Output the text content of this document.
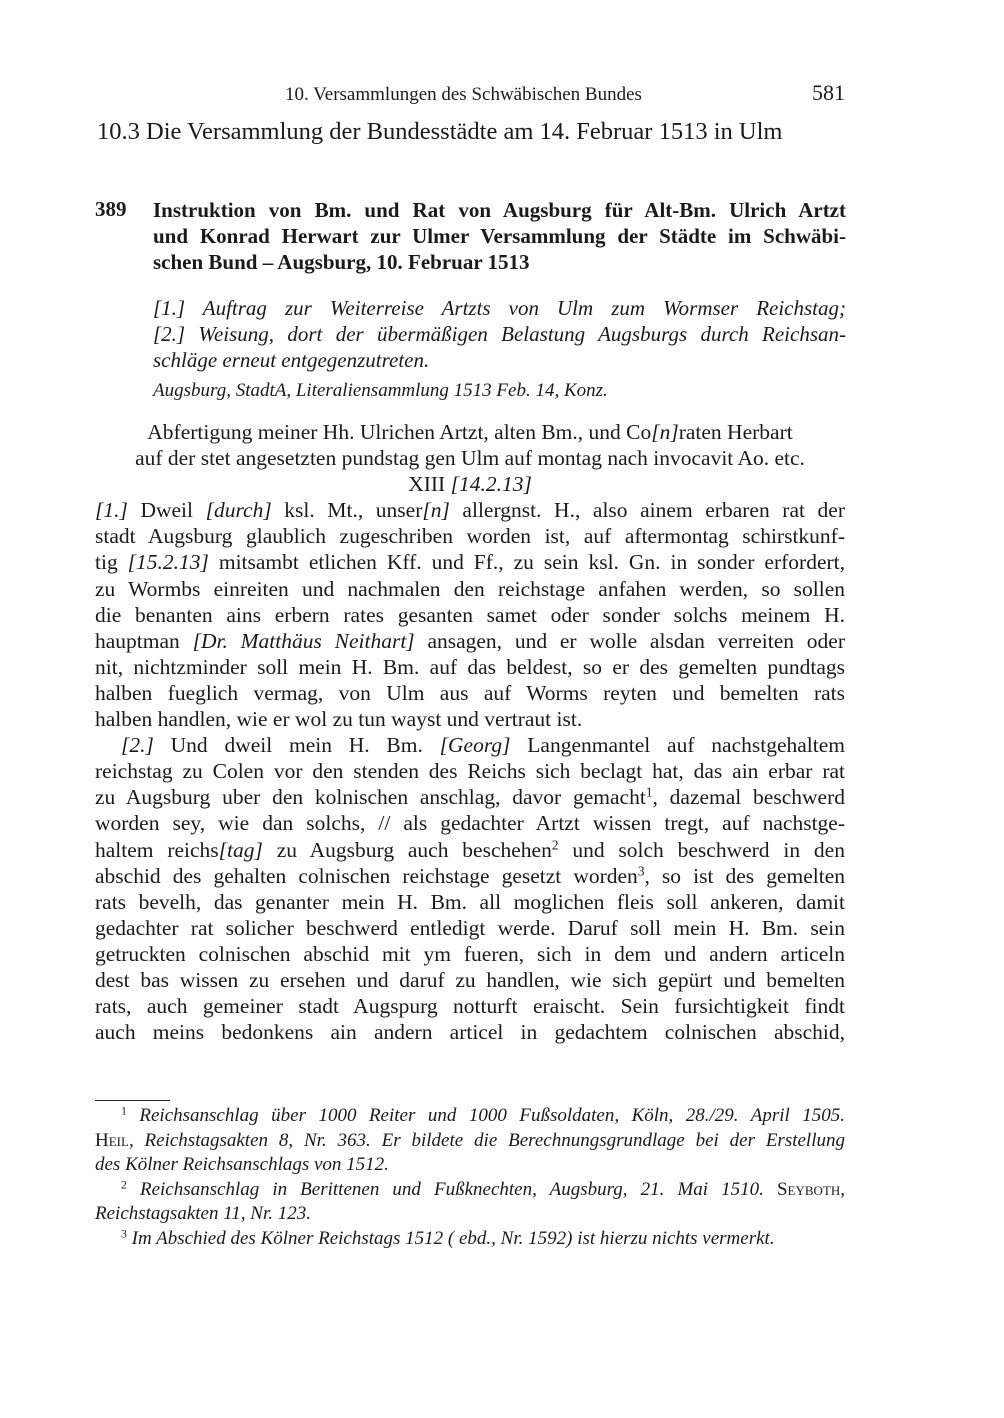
10. Versammlungen des Schwäbischen Bundes	581
10.3 Die Versammlung der Bundesstädte am 14. Februar 1513 in Ulm
389 Instruktion von Bm. und Rat von Augsburg für Alt-Bm. Ulrich Artzt
und Konrad Herwart zur Ulmer Versammlung der Städte im Schwäbi-
schen Bund – Augsburg, 10. Februar 1513
[1.] Auftrag zur Weiterreise Artzts von Ulm zum Wormser Reichstag;
[2.] Weisung, dort der übermäßigen Belastung Augsburgs durch Reichsan-
schläge erneut entgegenzutreten.
Augsburg, StadtA, Literaliensammlung 1513 Feb. 14, Konz.
Abfertigung meiner Hh. Ulrichen Artzt, alten Bm., und Co[n]raten Herbart
auf der stet angesetzten pundstag gen Ulm auf montag nach invocavit Ao. etc.
XIII [14.2.13]
[1.] Dweil [durch] ksl. Mt., unser[n] allergnst. H., also ainem erbaren rat der
stadt Augsburg glaublich zugeschriben worden ist, auf aftermontag schirstkunf-
tig [15.2.13] mitsambt etlichen Kff. und Ff., zu sein ksl. Gn. in sonder erfordert,
zu Wormbs einreiten und nachmalen den reichstage anfahen werden, so sollen
die benanten ains erbern rates gesanten samet oder sonder solchs meinem H.
hauptman [Dr. Matthäus Neithart] ansagen, und er wolle alsdan verreiten oder
nit, nichtzminder soll mein H. Bm. auf das beldest, so er des gemelten pundtags
halben fueglich vermag, von Ulm aus auf Worms reyten und bemelten rats
halben handlen, wie er wol zu tun wayst und vertraut ist.
[2.] Und dweil mein H. Bm. [Georg] Langenmantel auf nachstgehaltem
reichstag zu Colen vor den stenden des Reichs sich beclagt hat, das ain erbar rat
zu Augsburg uber den kolnischen anschlag, davor gemacht$^1$, dazemal beschwerd
worden sey, wie dan solchs, // als gedachter Artzt wissen tregt, auf nachstge-
haltem reichs[tag] zu Augsburg auch beschehen$^2$ und solch beschwerd in den
abschid des gehalten colnischen reichstage gesetzt worden$^3$, so ist des gemelten
rats bevelh, das genanter mein H. Bm. all moglichen fleis soll ankeren, damit
gedachter rat solicher beschwerd entledigt werde. Daruf soll mein H. Bm. sein
getruckten colnischen abschid mit ym fueren, sich in dem und andern articeln
dest bas wissen zu ersehen und daruf zu handlen, wie sich gepürt und bemelten
rats, auch gemeiner stadt Augspurg notturft eraischt. Sein fursichtigkeit findt
auch meins bedonkens ain andern articel in gedachtem colnischen abschid,
$^1$ Reichsanschlag über 1000 Reiter und 1000 Fußsoldaten, Köln, 28./29. April 1505.
Heil, Reichstagsakten 8, Nr. 363. Er bildete die Berechnungsgrundlage bei der Erstellung
des Kölner Reichsanschlags von 1512.
$^2$ Reichsanschlag in Berittenen und Fußknechten, Augsburg, 21. Mai 1510. Seyboth,
Reichstagsakten 11, Nr. 123.
$^3$ Im Abschied des Kölner Reichstags 1512 ( ebd., Nr. 1592) ist hierzu nichts vermerkt.
